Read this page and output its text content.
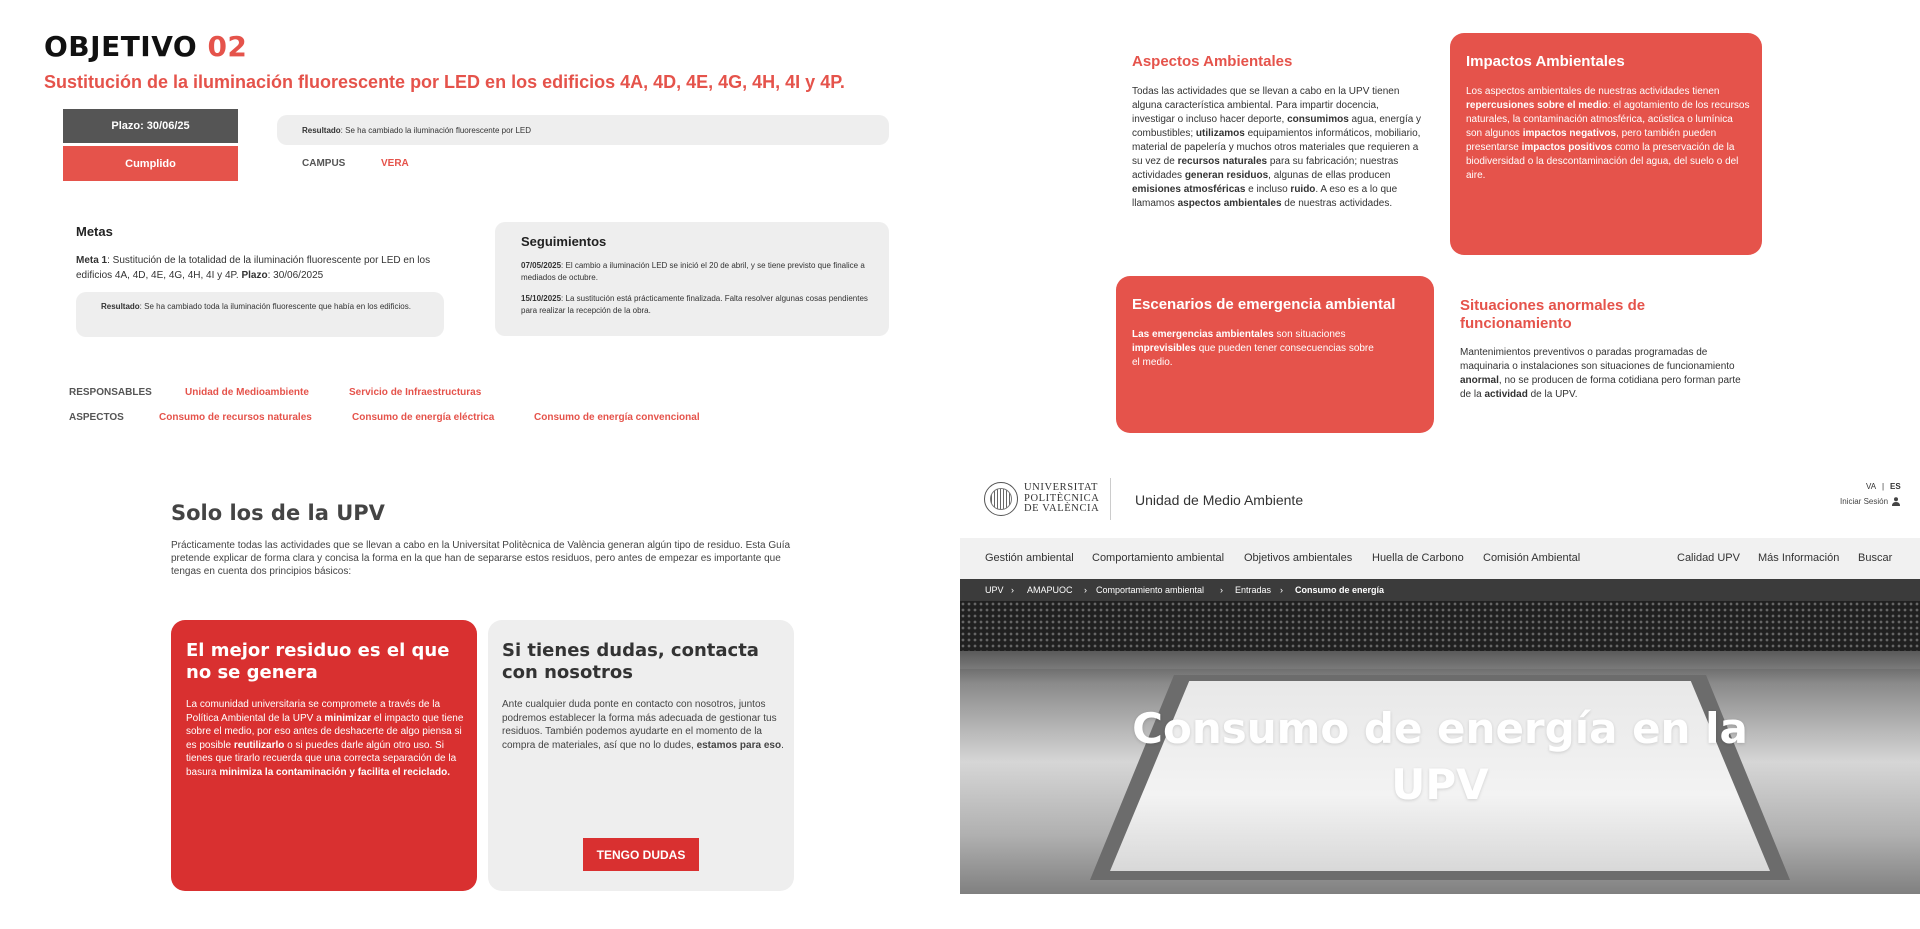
OBJETIVO 02
Sustitución de la iluminación fluorescente por LED en los edificios 4A, 4D, 4E, 4G, 4H, 4I y 4P.
Plazo: 30/06/25
Cumplido
Resultado: Se ha cambiado la iluminación fluorescente por LED
CAMPUS	VERA
Metas
Meta 1: Sustitución de la totalidad de la iluminación fluorescente por LED en los edificios 4A, 4D, 4E, 4G, 4H, 4I y 4P. Plazo: 30/06/2025
Resultado: Se ha cambiado toda la iluminación fluorescente que había en los edificios.
Seguimientos
07/05/2025: El cambio a iluminación LED se inició el 20 de abril, y se tiene previsto que finalice a mediados de octubre.
15/10/2025: La sustitución está prácticamente finalizada. Falta resolver algunas cosas pendientes para realizar la recepción de la obra.
RESPONSABLES	Unidad de Medioambiente	Servicio de Infraestructuras
ASPECTOS	Consumo de recursos naturales	Consumo de energía eléctrica	Consumo de energía convencional
Aspectos Ambientales
Todas las actividades que se llevan a cabo en la UPV tienen alguna característica ambiental. Para impartir docencia, investigar o incluso hacer deporte, consumimos agua, energía y combustibles; utilizamos equipamientos informáticos, mobiliario, material de papelería y muchos otros materiales que requieren a su vez de recursos naturales para su fabricación; nuestras actividades generan residuos, algunas de ellas producen emisiones atmosféricas e incluso ruido. A eso es a lo que llamamos aspectos ambientales de nuestras actividades.
Impactos Ambientales
Los aspectos ambientales de nuestras actividades tienen repercusiones sobre el medio: el agotamiento de los recursos naturales, la contaminación atmosférica, acústica o lumínica son algunos impactos negativos, pero también pueden presentarse impactos positivos como la preservación de la biodiversidad o la descontaminación del agua, del suelo o del aire.
Escenarios de emergencia ambiental
Las emergencias ambientales son situaciones imprevisibles que pueden tener consecuencias sobre el medio.
Situaciones anormales de funcionamiento
Mantenimientos preventivos o paradas programadas de maquinaria o instalaciones son situaciones de funcionamiento anormal, no se producen de forma cotidiana pero forman parte de la actividad de la UPV.
Solo los de la UPV
Prácticamente todas las actividades que se llevan a cabo en la Universitat Politècnica de València generan algún tipo de residuo. Esta Guía pretende explicar de forma clara y concisa la forma en la que han de separarse estos residuos, pero antes de empezar es importante que tengas en cuenta dos principios básicos:
El mejor residuo es el que no se genera
La comunidad universitaria se compromete a través de la Política Ambiental de la UPV a minimizar el impacto que tiene sobre el medio, por eso antes de deshacerte de algo piensa si es posible reutilizarlo o si puedes darle algún otro uso. Si tienes que tirarlo recuerda que una correcta separación de la basura minimiza la contaminación y facilita el reciclado.
Si tienes dudas, contacta con nosotros
Ante cualquier duda ponte en contacto con nosotros, juntos podremos establecer la forma más adecuada de gestionar tus residuos. También podemos ayudarte en el momento de la compra de materiales, así que no lo dudes, estamos para eso.
TENGO DUDAS
UNIVERSITAT
POLITÈCNICA
DE VALÈNCIA
Unidad de Medio Ambiente
VA | ES
Iniciar Sesión
Gestión ambiental Comportamiento ambiental Objetivos ambientales Huella de Carbono Comisión Ambiental	Calidad UPV Más Información Buscar
UPV › AMAPUOC › Comportamiento ambiental › Entradas › Consumo de energía
Consumo de energía en la
UPV
